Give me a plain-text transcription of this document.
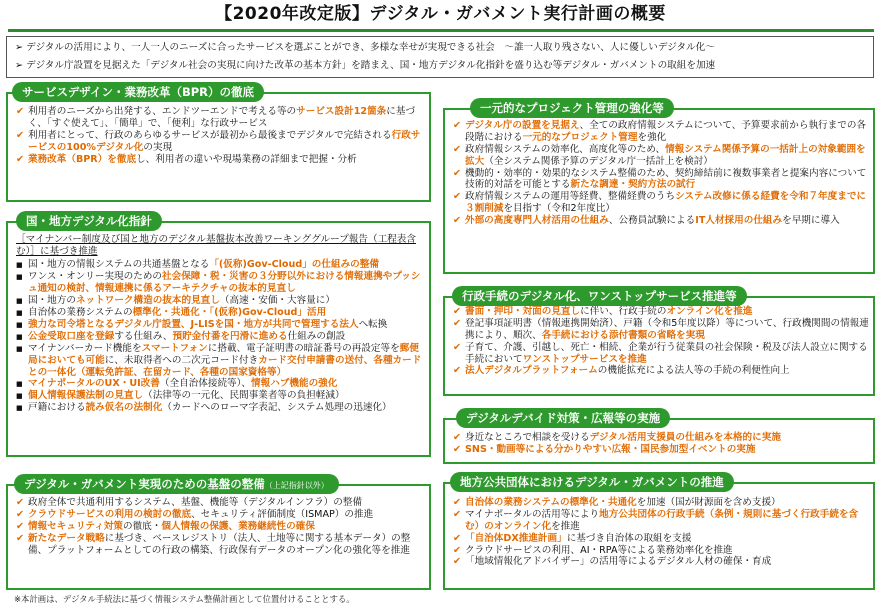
【2020年改定版】デジタル・ガバメント実行計画の概要
➢ デジタルの活用により、一人一人のニーズに合ったサービスを選ぶことができ、多様な幸せが実現できる社会　～誰一人取り残さない、人に優しいデジタル化～
➢ デジタル庁設置を見据えた「デジタル社会の実現に向けた改革の基本方針」を踏まえ、国・地方デジタル化指針を盛り込む等デジタル・ガバメントの取組を加速
サービスデザイン・業務改革（BPR）の徹底
✔ 利用者のニーズから出発する、エンドツーエンドで考える等のサービス設計12箇条に基づく、「すぐ使えて」、「簡単」で、「便利」な行政サービス
✔ 利用者にとって、行政のあらゆるサービスが最初から最後までデジタルで完結される行政サービスの100%デジタル化の実現
✔ 業務改革（BPR）を徹底し、利用者の違いや現場業務の詳細まで把握・分析
国・地方デジタル化指針
［マイナンバー制度及び国と地方のデジタル基盤抜本改善ワーキンググループ報告（工程表含む）］に基づき推進
■ 国・地方の情報システムの共通基盤となる「(仮称)Gov-Cloud」の仕組みの整備
■ ワンス・オンリー実現のための社会保障・税・災害の３分野以外における情報連携やプッシュ通知の検討、情報連携に係るアーキテクチャの抜本的見直し
■ 国・地方のネットワーク構造の抜本的見直し（高速・安価・大容量に）
■ 自治体の業務システムの標準化・共通化・「(仮称)Gov-Cloud」活用
■ 強力な司令塔となるデジタル庁設置、J-LISを国・地方が共同で管理する法人へ転換
■ 公金受取口座を登録する仕組み、預貯金付番を円滑に進める仕組みの創設
■ マイナンバーカード機能をスマートフォンに搭載、電子証明書の暗証番号の再設定等を郵便局においても可能に、未取得者への二次元コード付きカード交付申請書の送付、各種カードとの一体化（運転免許証、在留カード、各種の国家資格等）
■ マイナポータルのUX・UI改善（全自治体接続等）、情報ハブ機能の強化
■ 個人情報保護法制の見直し（法律等の一元化、民間事業者等の負担軽減）
■ 戸籍における読み仮名の法制化（カードへのローマ字表記、システム処理の迅速化）
デジタル・ガバメント実現のための基盤の整備（上記指針以外）
✔ 政府全体で共通利用するシステム、基盤、機能等（デジタルインフラ）の整備
✔ クラウドサービスの利用の検討の徹底、セキュリティ評価制度（ISMAP）の推進
✔ 情報セキュリティ対策の徹底・個人情報の保護、業務継続性の確保
✔ 新たなデータ戦略に基づき、ベースレジストリ（法人、土地等に関する基本データ）の整備、プラットフォームとしての行政の構築、行政保有データのオープン化の強化等を推進
一元的なプロジェクト管理の強化等
✔ デジタル庁の設置を見据え、全ての政府情報システムについて、予算要求前から執行までの各段階における一元的なプロジェクト管理を強化
✔ 政府情報システムの効率化、高度化等のため、情報システム関係予算の一括計上の対象範囲を拡大（全システム関係予算のデジタル庁一括計上を検討）
✔ 機動的・効率的・効果的なシステム整備のため、契約締結前に複数事業者と提案内容について技術的対話を可能とする新たな調達・契約方法の試行
✔ 政府情報システムの運用等経費、整備経費のうちシステム改修に係る経費を令和７年度までに３割削減を目指す（令和2年度比）
✔ 外部の高度専門人材活用の仕組み、公務員試験によるIT人材採用の仕組みを早期に導入
行政手続のデジタル化、ワンストップサービス推進等
✔ 書面・押印・対面の見直しに伴い、行政手続のオンライン化を推進
✔ 登記事項証明書（情報連携開始済）、戸籍（令和5年度以降）等について、行政機関間の情報連携により、順次、各手続における添付書類の省略を実現
✔ 子育て、介護、引越し、死亡・相続、企業が行う従業員の社会保険・税及び法人設立に関する手続においてワンストップサービスを推進
✔ 法人デジタルプラットフォームの機能拡充による法人等の手続の利便性向上
デジタルデバイド対策・広報等の実施
✔ 身近なところで相談を受けるデジタル活用支援員の仕組みを本格的に実施
✔ SNS・動画等による分かりやすい広報・国民参加型イベントの実施
地方公共団体におけるデジタル・ガバメントの推進
✔ 自治体の業務システムの標準化・共通化を加速（国が財源面を含め支援）
✔ マイナポータルの活用等により地方公共団体の行政手続（条例・規則に基づく行政手続を含む）のオンライン化を推進
✔ 「自治体DX推進計画」に基づき自治体の取組を支援
✔ クラウドサービスの利用、AI・RPA等による業務効率化を推進
✔ 「地域情報化アドバイザー」の活用等によるデジタル人材の確保・育成
※本計画は、デジタル手続法に基づく情報システム整備計画として位置付けることとする。
